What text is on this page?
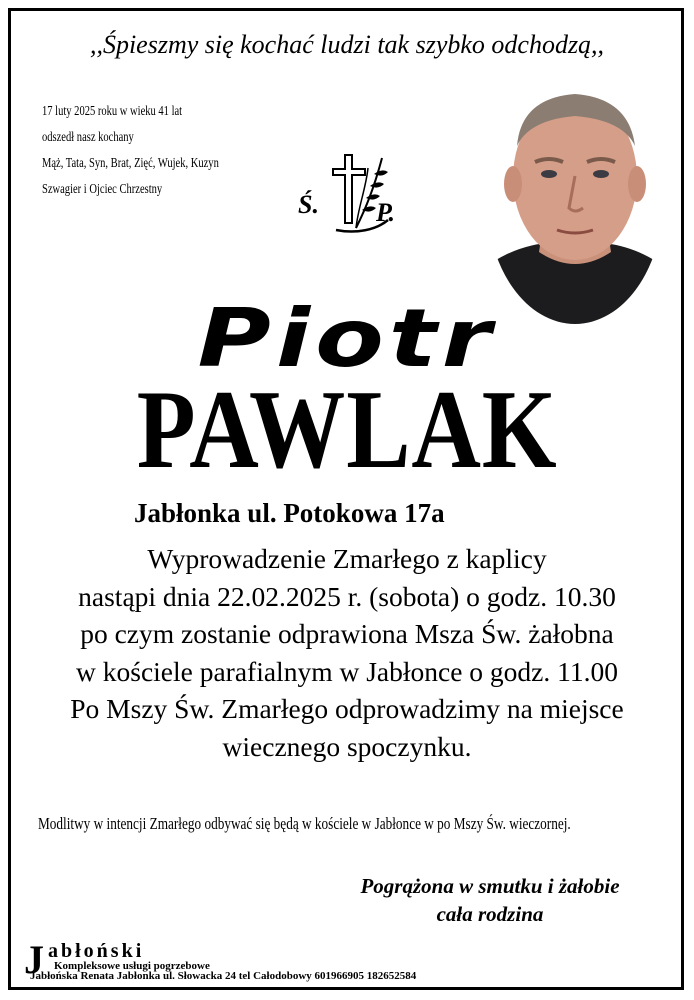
,,Śpieszmy się kochać ludzi tak szybko odchodzą,,
17 luty 2025 roku w wieku 41 lat
odszedł nasz kochany
Mąż, Tata, Syn, Brat, Zięć, Wujek, Kuzyn
Szwagier i Ojciec Chrzestny
Ś. P.
Piotr
PAWLAK
Jabłonka ul. Potokowa 17a
Wyprowadzenie Zmarłego z kaplicy
nastąpi dnia 22.02.2025 r. (sobota) o godz. 10.30
po czym zostanie odprawiona Msza Św. żałobna
w kościele parafialnym w Jabłonce o godz. 11.00
Po Mszy Św. Zmarłego odprowadzimy na miejsce
wiecznego spoczynku.
Modlitwy w intencji Zmarłego odbywać się będą w kościele w Jabłonce w po Mszy Św. wieczornej.
Pogrążona w smutku i żałobie
cała rodzina
J abłoński
Kompleksowe usługi pogrzebowe
Jabłońska Renata Jabłonka ul. Słowacka 24 tel Całodobowy 601966905 182652584
